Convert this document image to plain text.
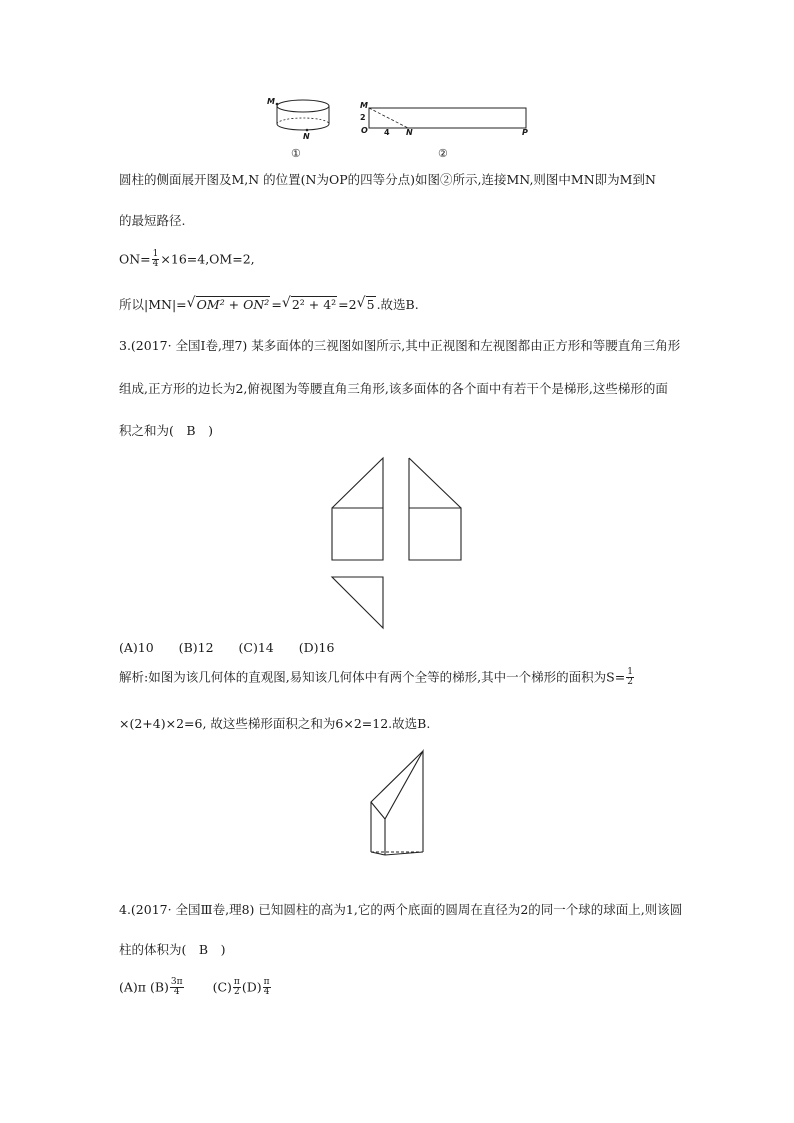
M
N
①
M
2
O 4 N	P
②
圆柱的侧面展开图及M,N 的位置(N为OP的四等分点)如图②所示,连接MN,则图中MN即为M到N
的最短路径.
$ON= \frac{1}{4} \times 16=4,OM=2$,
所以|MN|= √ OM² + ON² = √ 2² + 4² =2 √ 5 .故选B.
3.(2017· 全国Ⅰ卷,理7) 某多面体的三视图如图所示,其中正视图和左视图都由正方形和等腰直角三角形
组成,正方形的边长为2,俯视图为等腰直角三角形,该多面体的各个面中有若干个是梯形,这些梯形的面
积之和为(　B　)
(A)10　　(B)12　　(C)14　　(D)16
解析:如图为该几何体的直观图,易知该几何体中有两个全等的梯形,其中一个梯形的面积为$S= \frac{1}{2}$
×(2+4)×2=6, 故这些梯形面积之和为6×2=12.故选B.
4.(2017· 全国Ⅲ卷,理8) 已知圆柱的高为1,它的两个底面的圆周在直径为2的同一个球的球面上,则该圆
柱的体积为(　B　)
(A)π $(B) \frac{3\pi}{4} (C) \frac{\pi}{2} (D) \frac{\pi}{4}$
